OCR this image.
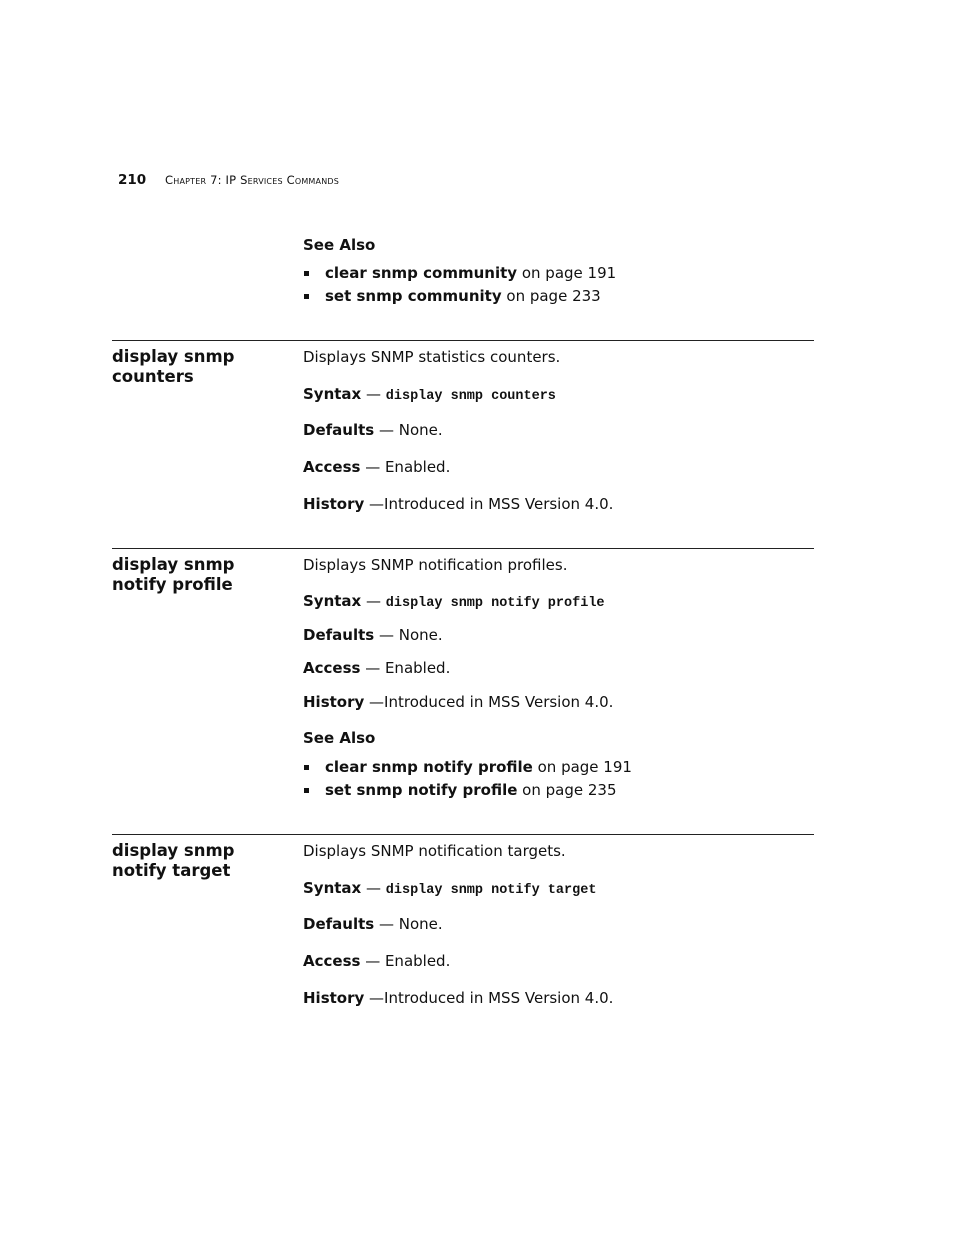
210 Chapter 7: IP Services Commands
See Also
clear snmp community on page 191
set snmp community on page 233
display snmp counters
Displays SNMP statistics counters.
Syntax — display snmp counters
Defaults — None.
Access — Enabled.
History —Introduced in MSS Version 4.0.
display snmp notify profile
Displays SNMP notification profiles.
Syntax — display snmp notify profile
Defaults — None.
Access — Enabled.
History —Introduced in MSS Version 4.0.
See Also
clear snmp notify profile on page 191
set snmp notify profile on page 235
display snmp notify target
Displays SNMP notification targets.
Syntax — display snmp notify target
Defaults — None.
Access — Enabled.
History —Introduced in MSS Version 4.0.
